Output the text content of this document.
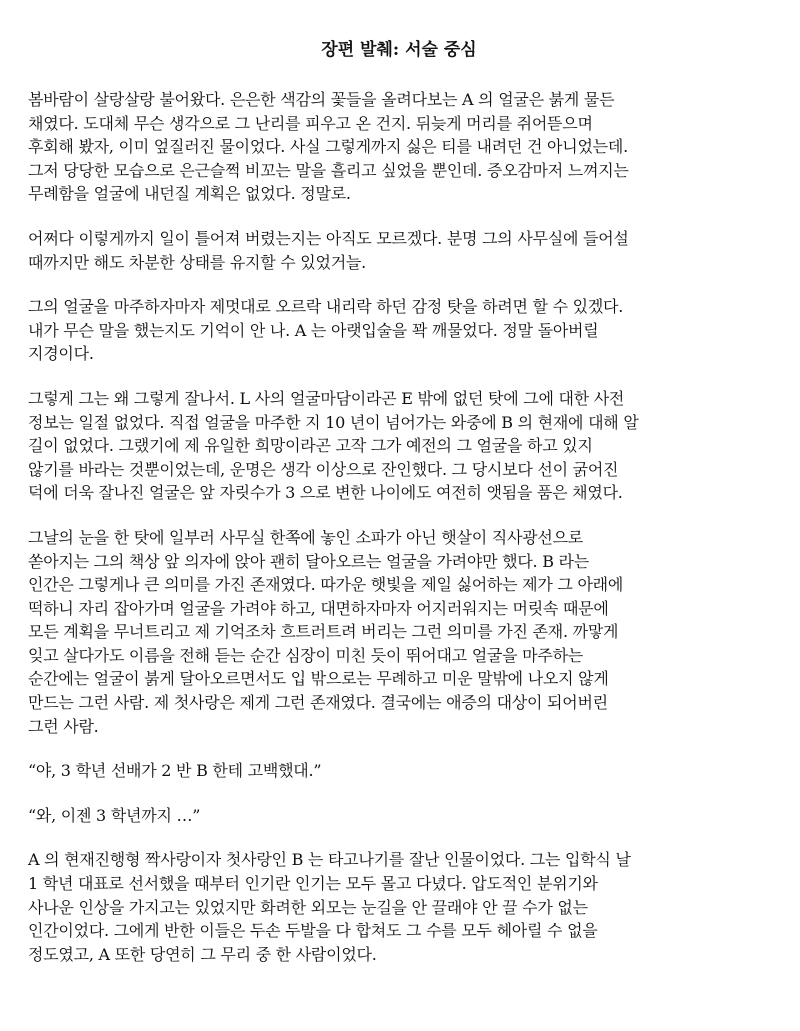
장편 발췌: 서술 중심
봄바람이 살랑살랑 불어왔다. 은은한 색감의 꽃들을 올려다보는 A 의 얼굴은 붉게 물든
채였다. 도대체 무슨 생각으로 그 난리를 피우고 온 건지. 뒤늦게 머리를 쥐어뜯으며
후회해 봤자, 이미 엎질러진 물이었다. 사실 그렇게까지 싫은 티를 내려던 건 아니었는데.
그저 당당한 모습으로 은근슬쩍 비꼬는 말을 흘리고 싶었을 뿐인데. 증오감마저 느껴지는
무례함을 얼굴에 내던질 계획은 없었다. 정말로.
어쩌다 이렇게까지 일이 틀어져 버렸는지는 아직도 모르겠다. 분명 그의 사무실에 들어설
때까지만 해도 차분한 상태를 유지할 수 있었거늘.
그의 얼굴을 마주하자마자 제멋대로 오르락 내리락 하던 감정 탓을 하려면 할 수 있겠다.
내가 무슨 말을 했는지도 기억이 안 나. A 는 아랫입술을 꽉 깨물었다. 정말 돌아버릴
지경이다.
그렇게 그는 왜 그렇게 잘나서. L 사의 얼굴마담이라곤 E 밖에 없던 탓에 그에 대한 사전
정보는 일절 없었다. 직접 얼굴을 마주한 지 10 년이 넘어가는 와중에 B 의 현재에 대해 알
길이 없었다. 그랬기에 제 유일한 희망이라곤 고작 그가 예전의 그 얼굴을 하고 있지
않기를 바라는 것뿐이었는데, 운명은 생각 이상으로 잔인했다. 그 당시보다 선이 굵어진
덕에 더욱 잘나진 얼굴은 앞 자릿수가 3 으로 변한 나이에도 여전히 앳됨을 품은 채였다.
그날의 눈을 한 탓에 일부러 사무실 한쪽에 놓인 소파가 아닌 햇살이 직사광선으로
쏟아지는 그의 책상 앞 의자에 앉아 괜히 달아오르는 얼굴을 가려야만 했다. B 라는
인간은 그렇게나 큰 의미를 가진 존재였다. 따가운 햇빛을 제일 싫어하는 제가 그 아래에
떡하니 자리 잡아가며 얼굴을 가려야 하고, 대면하자마자 어지러워지는 머릿속 때문에
모든 계획을 무너트리고 제 기억조차 흐트러트려 버리는 그런 의미를 가진 존재. 까맣게
잊고 살다가도 이름을 전해 듣는 순간 심장이 미친 듯이 뛰어대고 얼굴을 마주하는
순간에는 얼굴이 붉게 달아오르면서도 입 밖으로는 무례하고 미운 말밖에 나오지 않게
만드는 그런 사람. 제 첫사랑은 제게 그런 존재였다. 결국에는 애증의 대상이 되어버린
그런 사람.
“야, 3 학년 선배가 2 반 B 한테 고백했대.”
“와, 이젠 3 학년까지 …”
A 의 현재진행형 짝사랑이자 첫사랑인 B 는 타고나기를 잘난 인물이었다. 그는 입학식 날
1 학년 대표로 선서했을 때부터 인기란 인기는 모두 몰고 다녔다. 압도적인 분위기와
사나운 인상을 가지고는 있었지만 화려한 외모는 눈길을 안 끌래야 안 끌 수가 없는
인간이었다. 그에게 반한 이들은 두손 두발을 다 합쳐도 그 수를 모두 헤아릴 수 없을
정도였고, A 또한 당연히 그 무리 중 한 사람이었다.
